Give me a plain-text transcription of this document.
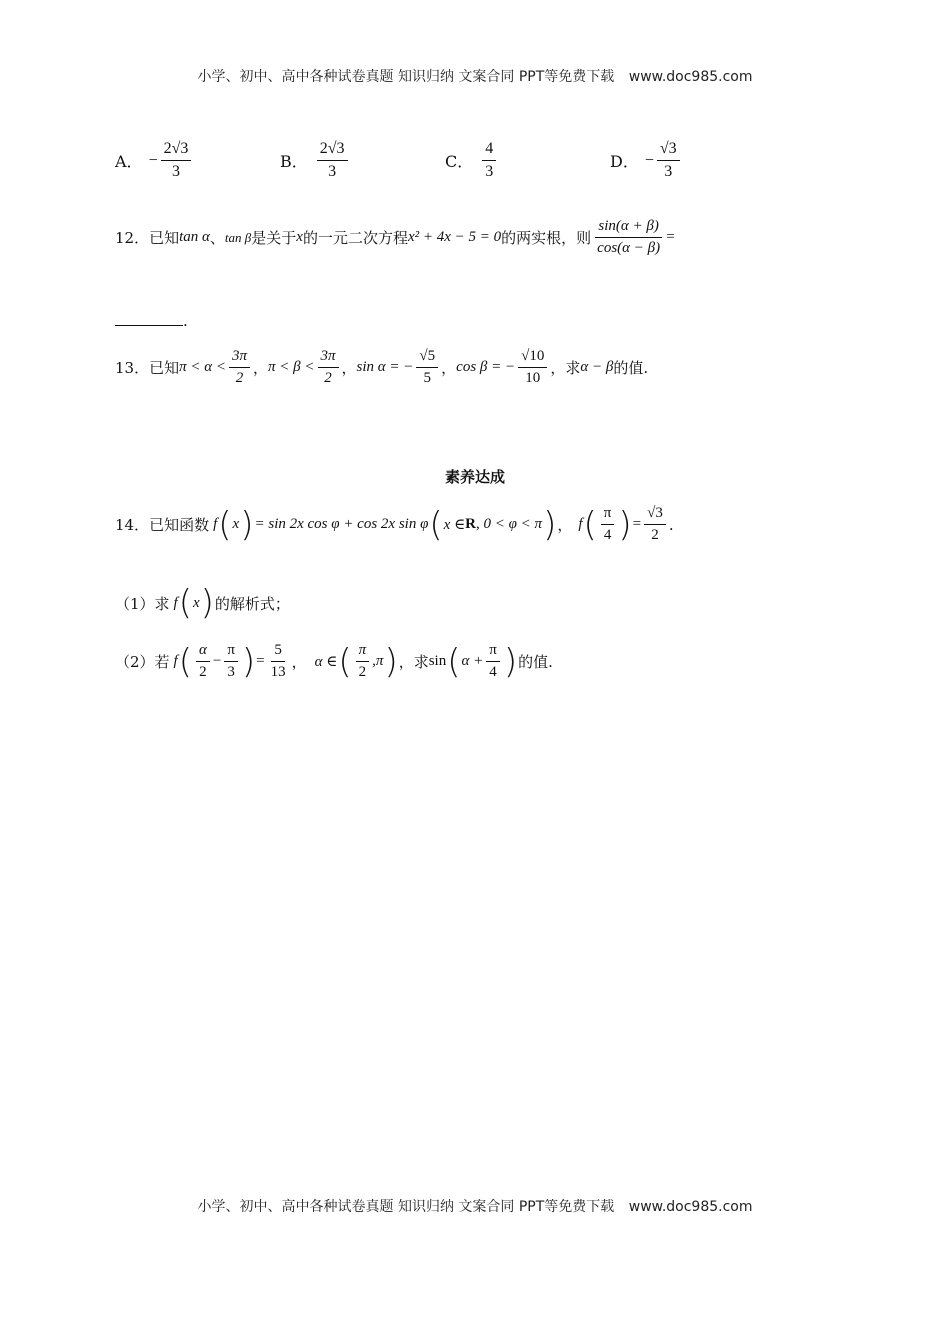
小学、初中、高中各种试卷真题 知识归纳 文案合同 PPT等免费下载 www.doc985.com
A． − $\frac{2√3}{3}$	B． $\frac{2√3}{3}$	C． $\frac{4}{3}$	D． − $\frac{√3}{3}$
12． 已知 tan α 、 tan β 是关于 x 的一元二次方程 x² + 4x − 5 = 0 的两实根，则 $\frac{\sin(\alpha + \beta)}{\cos(\alpha - \beta)}$ =
.
13． 已知 $\pi < \alpha < \frac{3\pi}{2}$ ， $\pi < \beta < \frac{3\pi}{2}$ ， sin α = − $\frac{√5}{5}$ ， cos β = − $\frac{√10}{10}$ ，求 α − β 的值.
素养达成
14． 已知函数 f ( x ) = sin 2x cos φ + cos 2x sin φ ( x ∈ R , 0 < φ < π ) ， f ( $\frac{\pi}{4}$ ) = $\frac{√3}{2}$ .
（1）求 f ( x ) 的解析式；
（2）若 f ( $\frac{\alpha}{2} - \frac{\pi}{3}$ ) = $\frac{5}{13}$ ， α ∈ ( $\frac{\pi}{2} ,\pi$ ) ，求 sin ( $\alpha + \frac{\pi}{4}$ ) 的值.
小学、初中、高中各种试卷真题 知识归纳 文案合同 PPT等免费下载 www.doc985.com
